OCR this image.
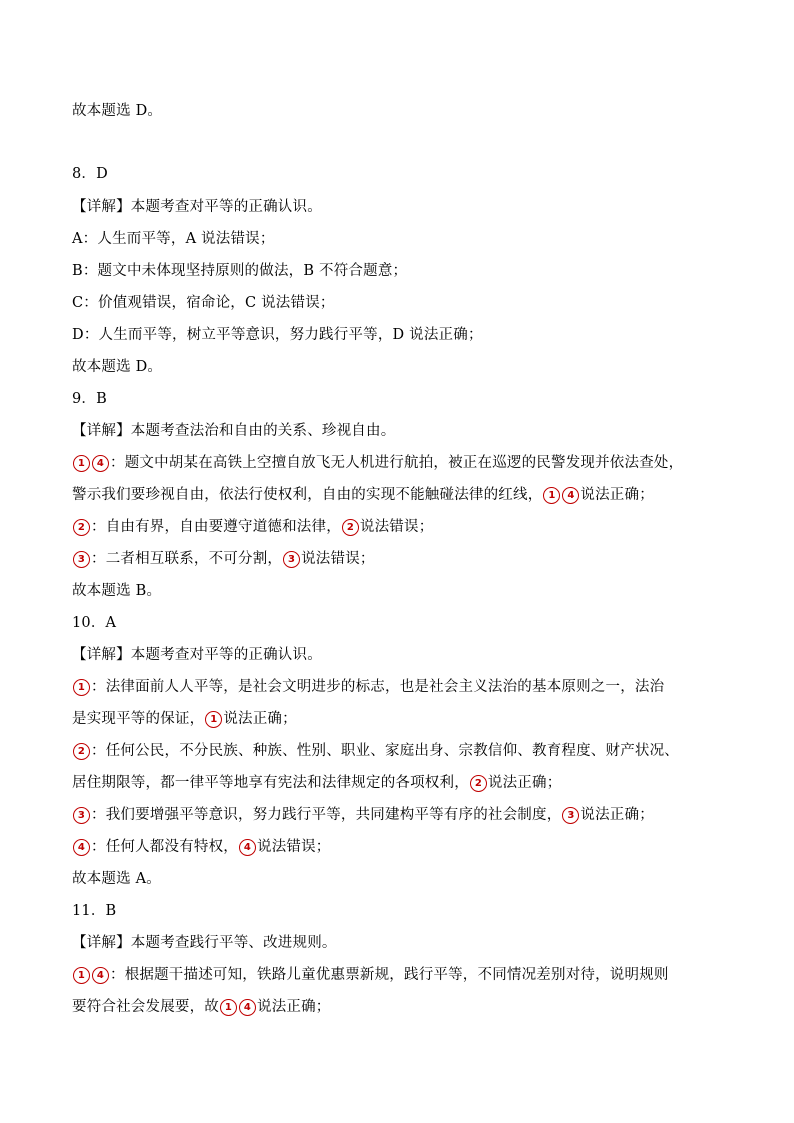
故本题选 D。
8．D
【详解】本题考查对平等的正确认识。
A：人生而平等，A 说法错误；
B：题文中未体现坚持原则的做法，B 不符合题意；
C：价值观错误，宿命论，C 说法错误；
D：人生而平等，树立平等意识，努力践行平等，D 说法正确；
故本题选 D。
9．B
【详解】本题考查法治和自由的关系、珍视自由。
1 4 ：题文中胡某在高铁上空擅自放飞无人机进行航拍，被正在巡逻的民警发现并依法查处，
警示我们要珍视自由，依法行使权利，自由的实现不能触碰法律的红线， 1 4 说法正确；
2 ：自由有界，自由要遵守道德和法律， 2 说法错误；
3 ：二者相互联系，不可分割， 3 说法错误；
故本题选 B。
10．A
【详解】本题考查对平等的正确认识。
1 ：法律面前人人平等，是社会文明进步的标志，也是社会主义法治的基本原则之一，法治
是实现平等的保证， 1 说法正确；
2 ：任何公民，不分民族、种族、性别、职业、家庭出身、宗教信仰、教育程度、财产状况、
居住期限等，都一律平等地享有宪法和法律规定的各项权利， 2 说法正确；
3 ：我们要增强平等意识，努力践行平等，共同建构平等有序的社会制度， 3 说法正确；
4 ：任何人都没有特权， 4 说法错误；
故本题选 A。
11．B
【详解】本题考查践行平等、改进规则。
1 4 ：根据题干描述可知，铁路儿童优惠票新规，践行平等，不同情况差别对待，说明规则
要符合社会发展要，故 1 4 说法正确；
